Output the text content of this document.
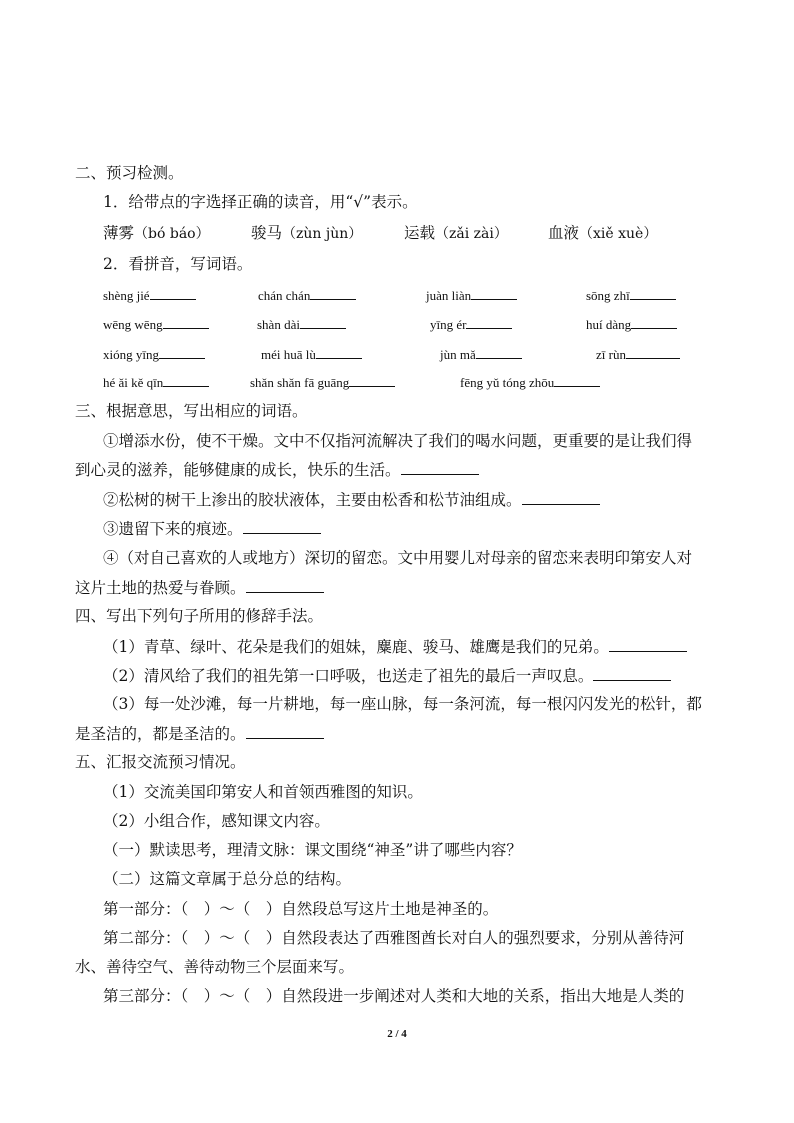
二、预习检测。
1．给带点的字选择正确的读音，用“√”表示。
薄雾（bó báo）	骏马（zùn jùn）	运载（zǎi zài）	血液（xiě xuè）
2．看拼音，写词语。
shèng jié	chán chán	juàn liàn	sōng zhī
wēng wēng	shàn dài	yīng ér	huí dàng
xióng yīng	méi huā lù	jùn mǎ	zī rùn
hé ǎi kě qīn	shǎn shǎn fā guāng	fēng yǔ tóng zhōu
三、根据意思，写出相应的词语。
①增添水份，使不干燥。文中不仅指河流解决了我们的喝水问题，更重要的是让我们得
到心灵的滋养，能够健康的成长，快乐的生活。
②松树的树干上渗出的胶状液体，主要由松香和松节油组成。
③遗留下来的痕迹。
④（对自己喜欢的人或地方）深切的留恋。文中用婴儿对母亲的留恋来表明印第安人对
这片土地的热爱与眷顾。
四、写出下列句子所用的修辞手法。
（1）青草、绿叶、花朵是我们的姐妹，麋鹿、骏马、雄鹰是我们的兄弟。
（2）清风给了我们的祖先第一口呼吸，也送走了祖先的最后一声叹息。
（3）每一处沙滩，每一片耕地，每一座山脉，每一条河流，每一根闪闪发光的松针，都
是圣洁的，都是圣洁的。
五、汇报交流预习情况。
（1）交流美国印第安人和首领西雅图的知识。
（2）小组合作，感知课文内容。
（一）默读思考，理清文脉：课文围绕“神圣”讲了哪些内容？
（二）这篇文章属于总分总的结构。
第一部分：（　）～（　）自然段总写这片土地是神圣的。
第二部分：（　）～（　）自然段表达了西雅图酋长对白人的强烈要求，分别从善待河
水、善待空气、善待动物三个层面来写。
第三部分：（　）～（　）自然段进一步阐述对人类和大地的关系，指出大地是人类的
2 / 4
